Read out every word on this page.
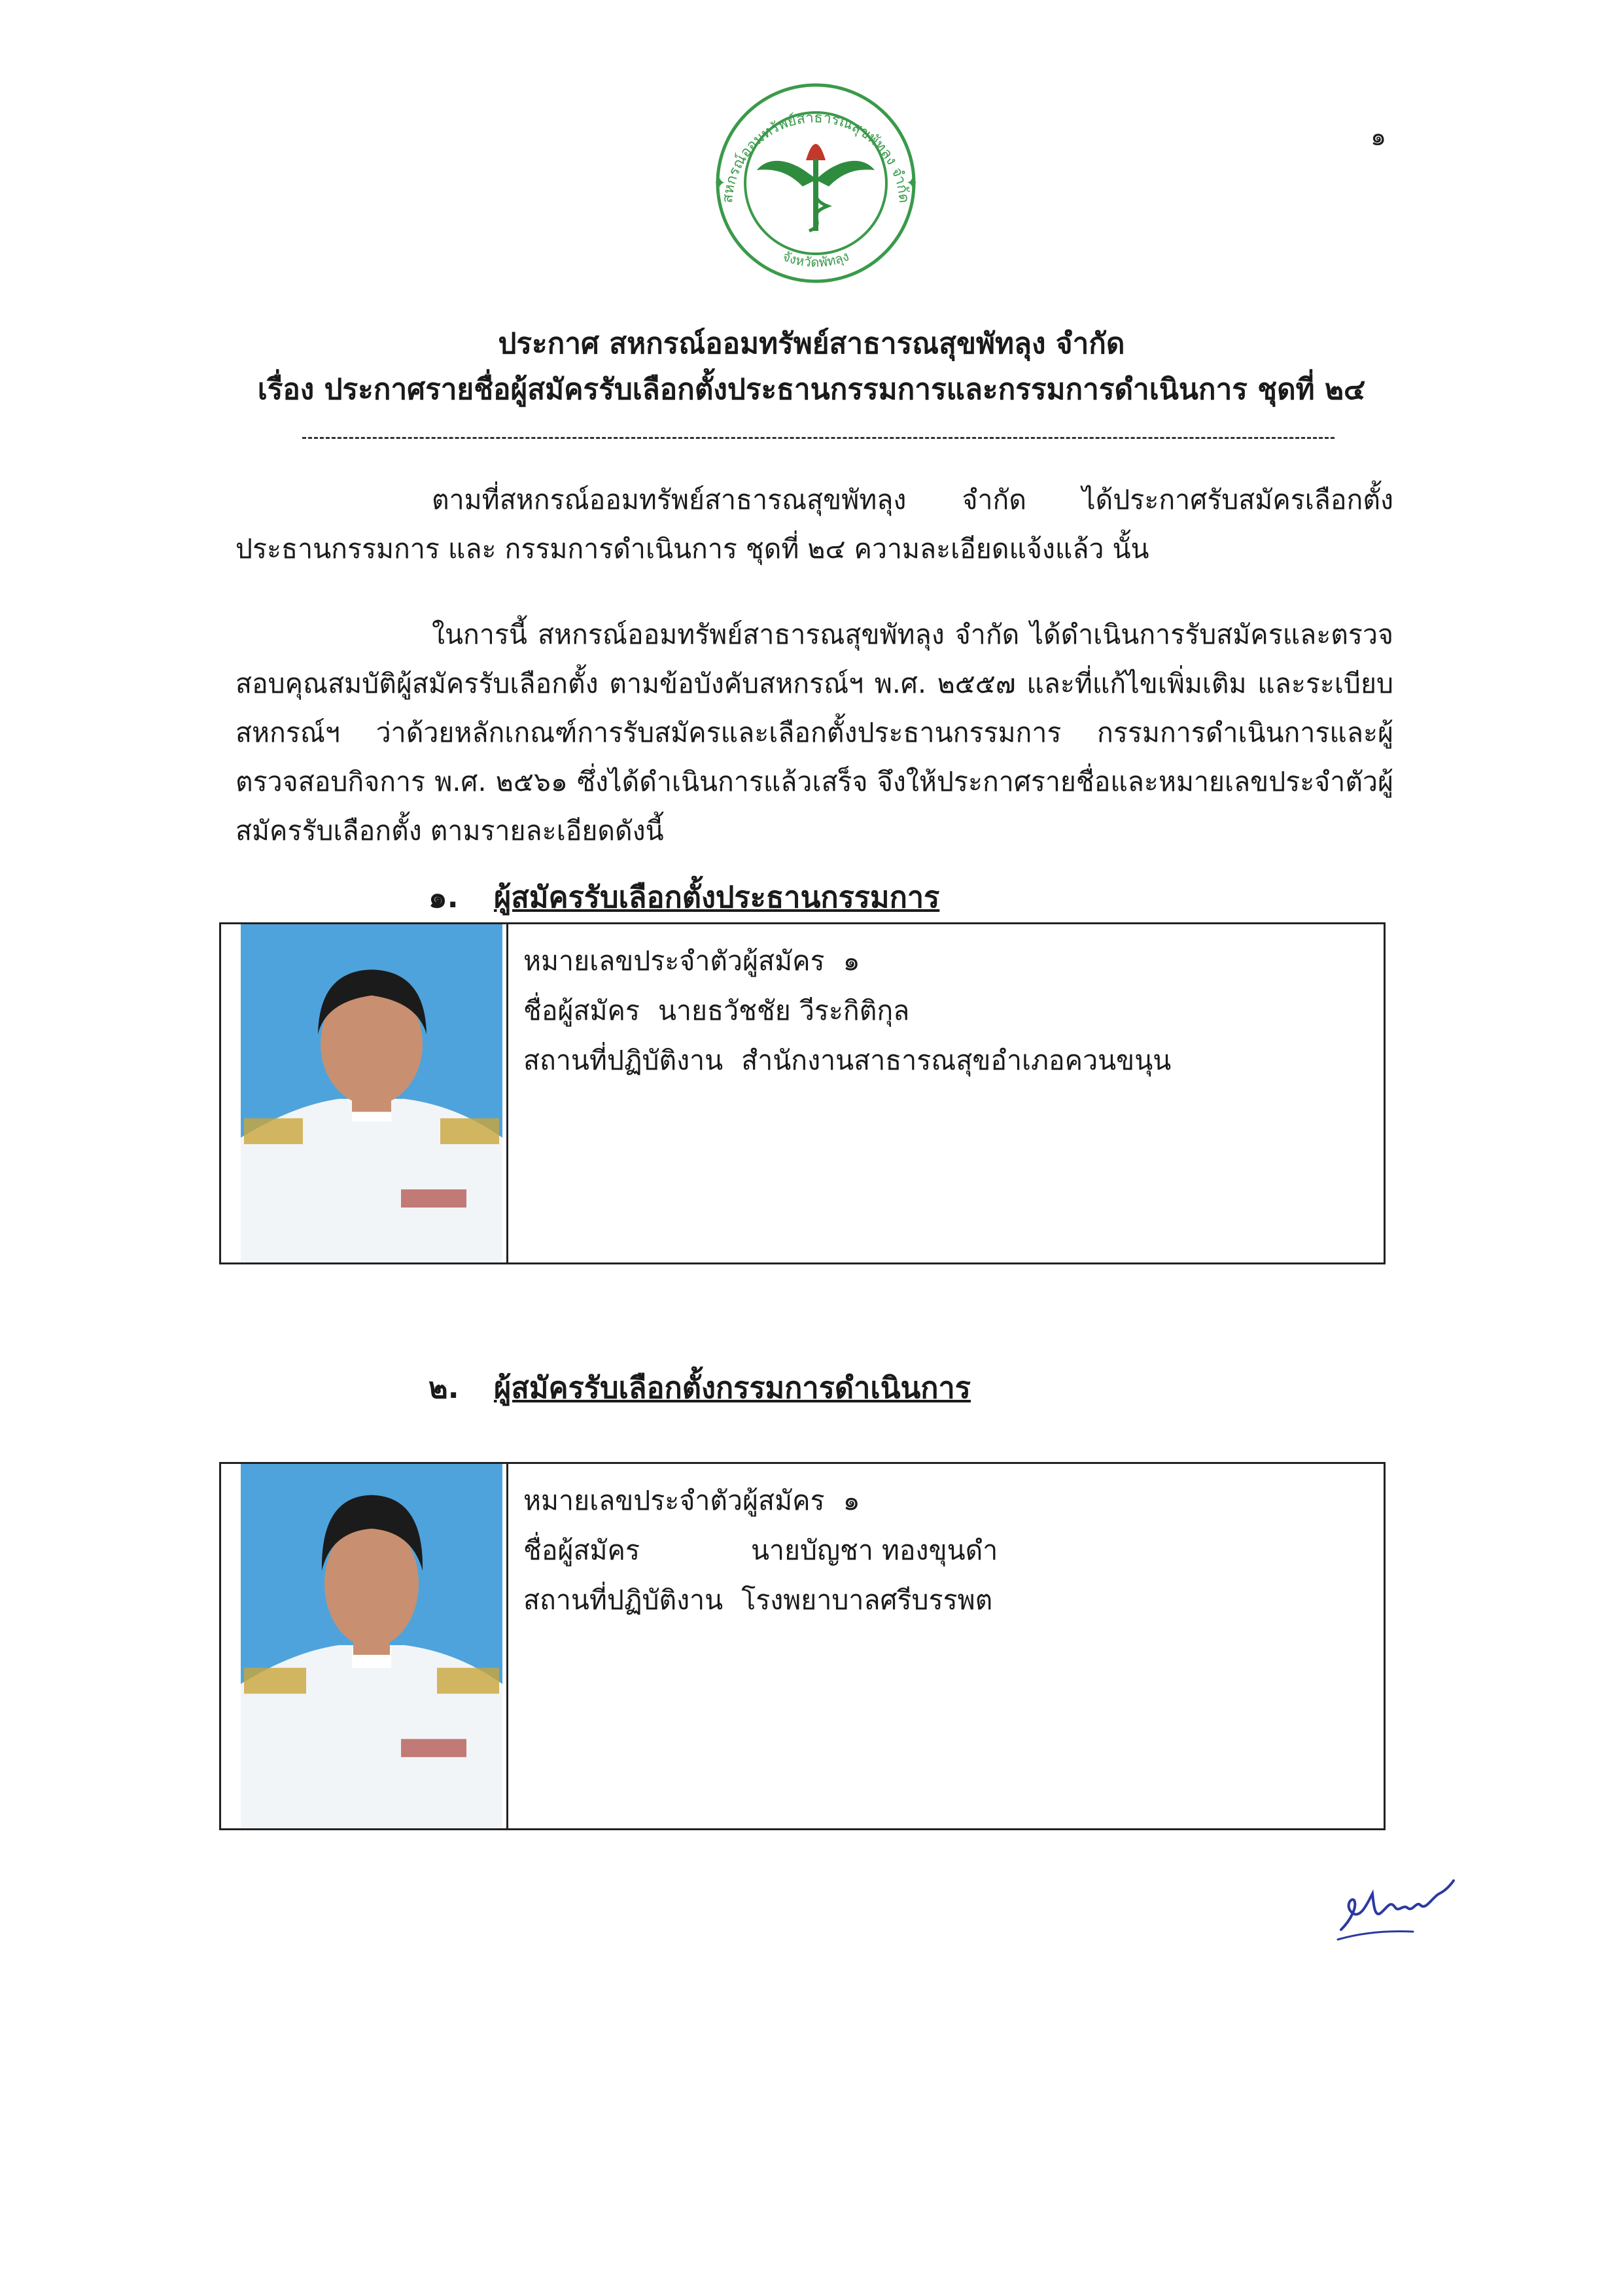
๑
สหกรณ์ออมทรัพย์สาธารณสุขพัทลุง จำกัด
จังหวัดพัทลุง
✦	✦
ประกาศ สหกรณ์ออมทรัพย์สาธารณสุขพัทลุง จำกัด
เรื่อง ประกาศรายชื่อผู้สมัครรับเลือกตั้งประธานกรรมการและกรรมการดำเนินการ ชุดที่ ๒๔
ตามที่สหกรณ์ออมทรัพย์สาธารณสุขพัทลุง จำกัด ได้ประกาศรับสมัครเลือกตั้งประธานกรรมการ และ กรรมการดำเนินการ ชุดที่ ๒๔ ความละเอียดแจ้งแล้ว นั้น
ในการนี้ สหกรณ์ออมทรัพย์สาธารณสุขพัทลุง จำกัด ได้ดำเนินการรับสมัครและตรวจสอบคุณสมบัติผู้สมัครรับเลือกตั้ง ตามข้อบังคับสหกรณ์ฯ พ.ศ. ๒๕๕๗ และที่แก้ไขเพิ่มเติม และระเบียบสหกรณ์ฯ ว่าด้วยหลักเกณฑ์การรับสมัครและเลือกตั้งประธานกรรมการ กรรมการดำเนินการและผู้ตรวจสอบกิจการ พ.ศ. ๒๕๖๑ ซึ่งได้ดำเนินการแล้วเสร็จ จึงให้ประกาศรายชื่อและหมายเลขประจำตัวผู้สมัครรับเลือกตั้ง ตามรายละเอียดดังนี้
๑. ผู้สมัครรับเลือกตั้งประธานกรรมการ
หมายเลขประจำตัวผู้สมัคร ๑
ชื่อผู้สมัคร นายธวัชชัย วีระกิติกุล
สถานที่ปฏิบัติงาน สำนักงานสาธารณสุขอำเภอควนขนุน
๒. ผู้สมัครรับเลือกตั้งกรรมการดำเนินการ
หมายเลขประจำตัวผู้สมัคร ๑
ชื่อผู้สมัคร	นายบัญชา ทองขุนดำ
สถานที่ปฏิบัติงาน โรงพยาบาลศรีบรรพต
